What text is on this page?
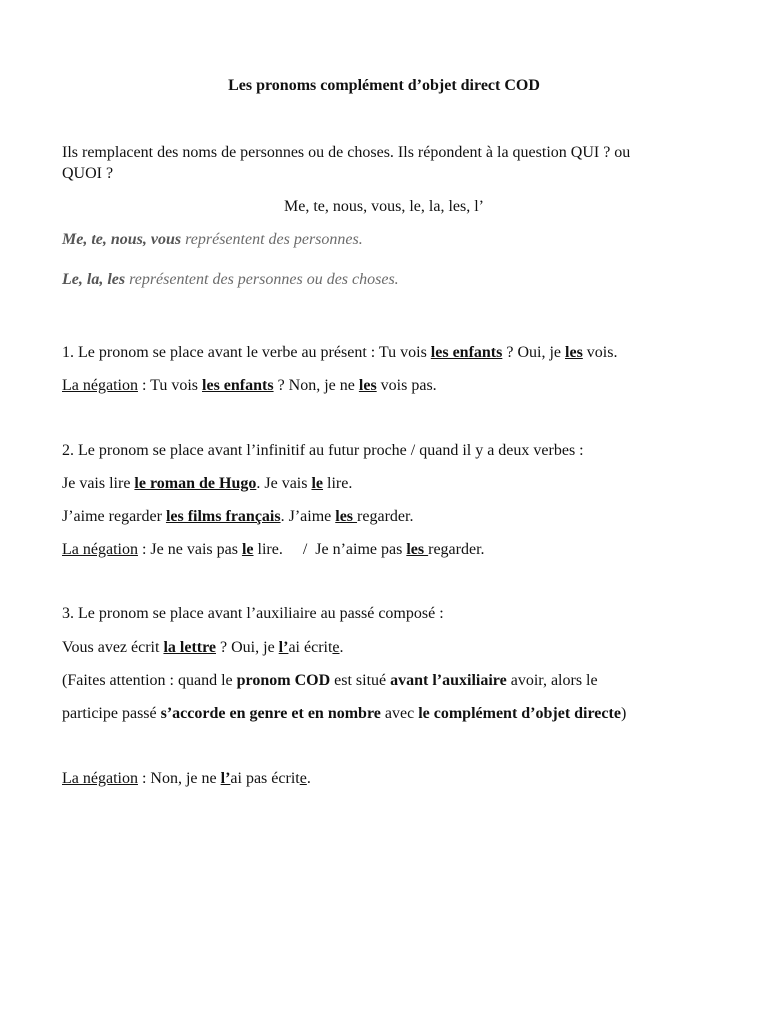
Les pronoms complément d’objet direct COD
Ils remplacent des noms de personnes ou de choses. Ils répondent à la question QUI ? ou
QUOI ?
Me, te, nous, vous, le, la, les, l’
Me, te, nous, vous représentent des personnes.
Le, la, les représentent des personnes ou des choses.
1. Le pronom se place avant le verbe au présent : Tu vois les enfants ? Oui, je les vois.
La négation : Tu vois les enfants ? Non, je ne les vois pas.
2. Le pronom se place avant l’infinitif au futur proche / quand il y a deux verbes :
Je vais lire le roman de Hugo. Je vais le lire.
J’aime regarder les films français. J’aime les regarder.
La négation : Je ne vais pas le lire.     /  Je n’aime pas les regarder.
3. Le pronom se place avant l’auxiliaire au passé composé :
Vous avez écrit la lettre ? Oui, je l’ai écrite.
(Faites attention : quand le pronom COD est situé avant l’auxiliaire avoir, alors le
participe passé s’accorde en genre et en nombre avec le complément d’objet directe)
La négation : Non, je ne l’ai pas écrite.
